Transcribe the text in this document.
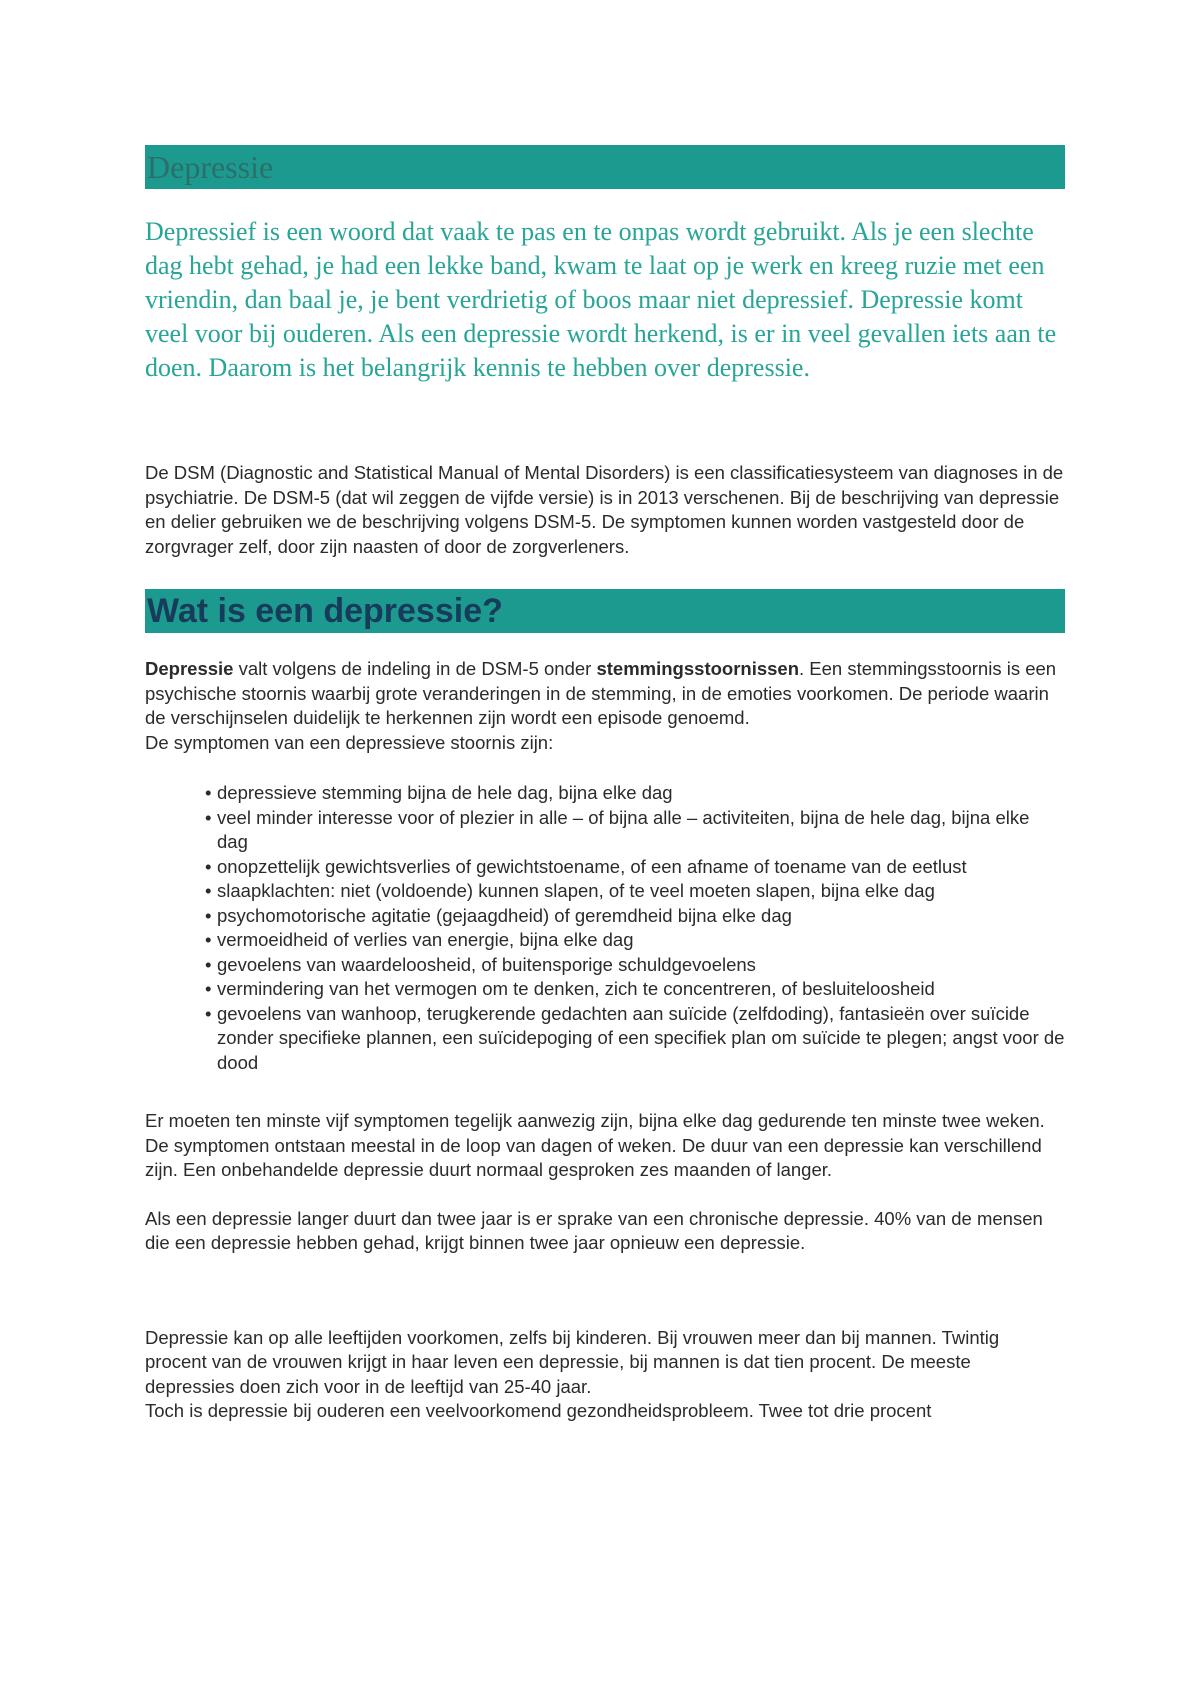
Depressie
Depressief is een woord dat vaak te pas en te onpas wordt gebruikt. Als je een slechte dag hebt gehad, je had een lekke band, kwam te laat op je werk en kreeg ruzie met een vriendin, dan baal je, je bent verdrietig of boos maar niet depressief. Depressie komt veel voor bij ouderen. Als een depressie wordt herkend, is er in veel gevallen iets aan te doen. Daarom is het belangrijk kennis te hebben over depressie.

De DSM (Diagnostic and Statistical Manual of Mental Disorders) is een classificatiesysteem van diagnoses in de psychiatrie. De DSM-5 (dat wil zeggen de vijfde versie) is in 2013 verschenen. Bij de beschrijving van depressie en delier gebruiken we de beschrijving volgens DSM-5. De symptomen kunnen worden vastgesteld door de zorgvrager zelf, door zijn naasten of door de zorgverleners.

Wat is een depressie?

Depressie valt volgens de indeling in de DSM-5 onder stemmingsstoornissen. Een stemmingsstoornis is een psychische stoornis waarbij grote veranderingen in de stemming, in de emoties voorkomen. De periode waarin de verschijnselen duidelijk te herkennen zijn wordt een episode genoemd.

De symptomen van een depressieve stoornis zijn:

• depressieve stemming bijna de hele dag, bijna elke dag
• veel minder interesse voor of plezier in alle – of bijna alle – activiteiten, bijna de hele dag, bijna elke dag
• onopzettelijk gewichtsverlies of gewichtstoename, of een afname of toename van de eetlust
• slaapklachten: niet (voldoende) kunnen slapen, of te veel moeten slapen, bijna elke dag
• psychomotorische agitatie (gejaagdheid) of geremdheid bijna elke dag
• vermoeidheid of verlies van energie, bijna elke dag
• gevoelens van waardeloosheid, of buitensporige schuldgevoelens
• vermindering van het vermogen om te denken, zich te concentreren, of besluiteloosheid
• gevoelens van wanhoop, terugkerende gedachten aan suïcide (zelfdoding), fantasieën over suïcide zonder specifieke plannen, een suïcidepoging of een specifiek plan om suïcide te plegen; angst voor de dood

Er moeten ten minste vijf symptomen tegelijk aanwezig zijn, bijna elke dag gedurende ten minste twee weken. De symptomen ontstaan meestal in de loop van dagen of weken. De duur van een depressie kan verschillend zijn. Een onbehandelde depressie duurt normaal gesproken zes maanden of langer.

Als een depressie langer duurt dan twee jaar is er sprake van een chronische depressie. 40% van de mensen die een depressie hebben gehad, krijgt binnen twee jaar opnieuw een depressie.

Depressie kan op alle leeftijden voorkomen, zelfs bij kinderen. Bij vrouwen meer dan bij mannen. Twintig procent van de vrouwen krijgt in haar leven een depressie, bij mannen is dat tien procent. De meeste depressies doen zich voor in de leeftijd van 25-40 jaar.

Toch is depressie bij ouderen een veelvoorkomend gezondheidsprobleem. Twee tot drie procent
